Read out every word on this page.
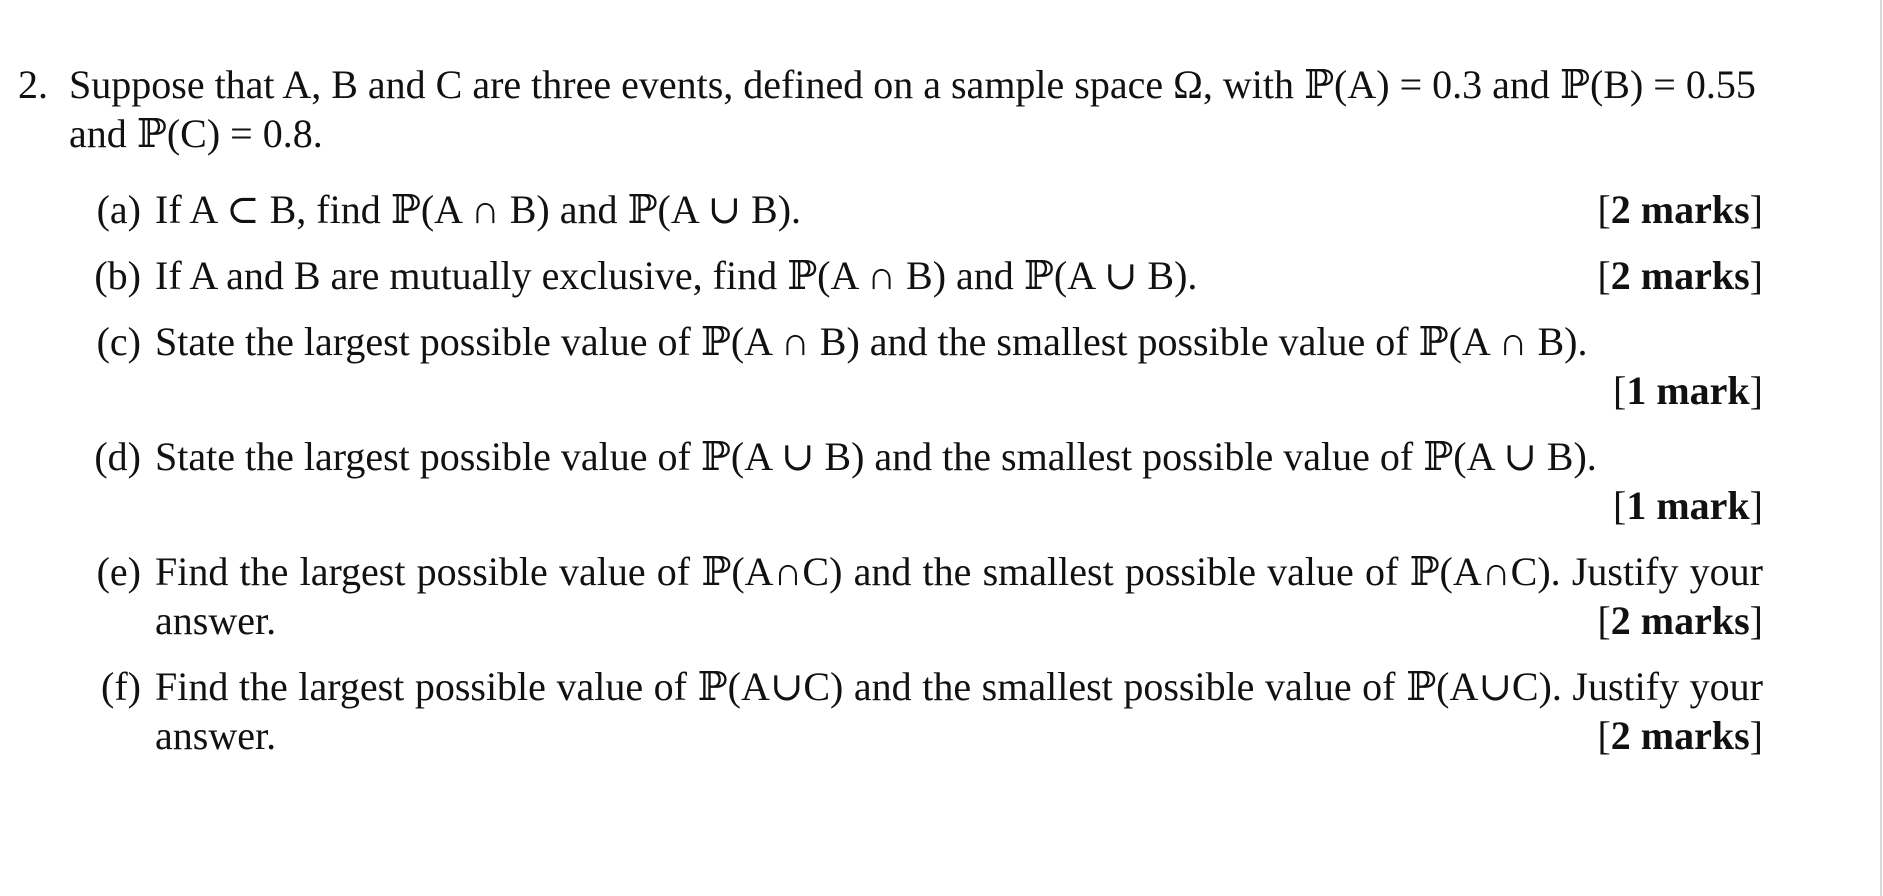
2. Suppose that A, B and C are three events, defined on a sample space Ω, with ℙ(A) = 0.3 and ℙ(B) = 0.55 and ℙ(C) = 0.8.
(a)	[2 marks]
If A ⊂ B, find ℙ(A ∩ B) and ℙ(A ∪ B).
(b)	[2 marks]
If A and B are mutually exclusive, find ℙ(A ∩ B) and ℙ(A ∪ B).
(c) State the largest possible value of ℙ(A ∩ B) and the smallest possible value of ℙ(A ∩ B).
[1 mark]
(d) State the largest possible value of ℙ(A ∪ B) and the smallest possible value of ℙ(A ∪ B).
[1 mark]
(e) Find the largest possible value of ℙ(A∩C) and the smallest possible value of ℙ(A∩C). Justify your answer.	[2 marks]
(f) Find the largest possible value of ℙ(A∪C) and the smallest possible value of ℙ(A∪C). Justify your answer.	[2 marks]
